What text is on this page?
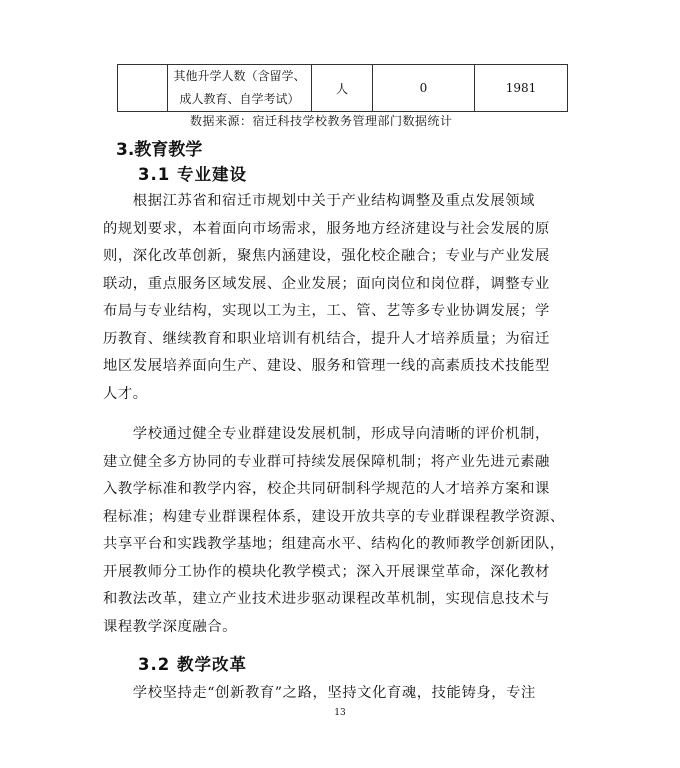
其他升学人数（含留学、
成人教育、自学考试）
	人	0	1981
数据来源：宿迁科技学校教务管理部门数据统计
3.教育教学
3.1 专业建设
　　根据江苏省和宿迁市规划中关于产业结构调整及重点发展领域
的规划要求，本着面向市场需求，服务地方经济建设与社会发展的原
则，深化改革创新，聚焦内涵建设，强化校企融合；专业与产业发展
联动，重点服务区域发展、企业发展；面向岗位和岗位群，调整专业
布局与专业结构，实现以工为主，工、管、艺等多专业协调发展；学
历教育、继续教育和职业培训有机结合，提升人才培养质量；为宿迁
地区发展培养面向生产、建设、服务和管理一线的高素质技术技能型
人才。
　　学校通过健全专业群建设发展机制，形成导向清晰的评价机制，
建立健全多方协同的专业群可持续发展保障机制；将产业先进元素融
入教学标准和教学内容，校企共同研制科学规范的人才培养方案和课
程标准；构建专业群课程体系，建设开放共享的专业群课程教学资源、
共享平台和实践教学基地；组建高水平、结构化的教师教学创新团队，
开展教师分工协作的模块化教学模式；深入开展课堂革命，深化教材
和教法改革，建立产业技术进步驱动课程改革机制，实现信息技术与
课程教学深度融合。
3.2 教学改革
　　学校坚持走“创新教育”之路，坚持文化育魂，技能铸身，专注
13
